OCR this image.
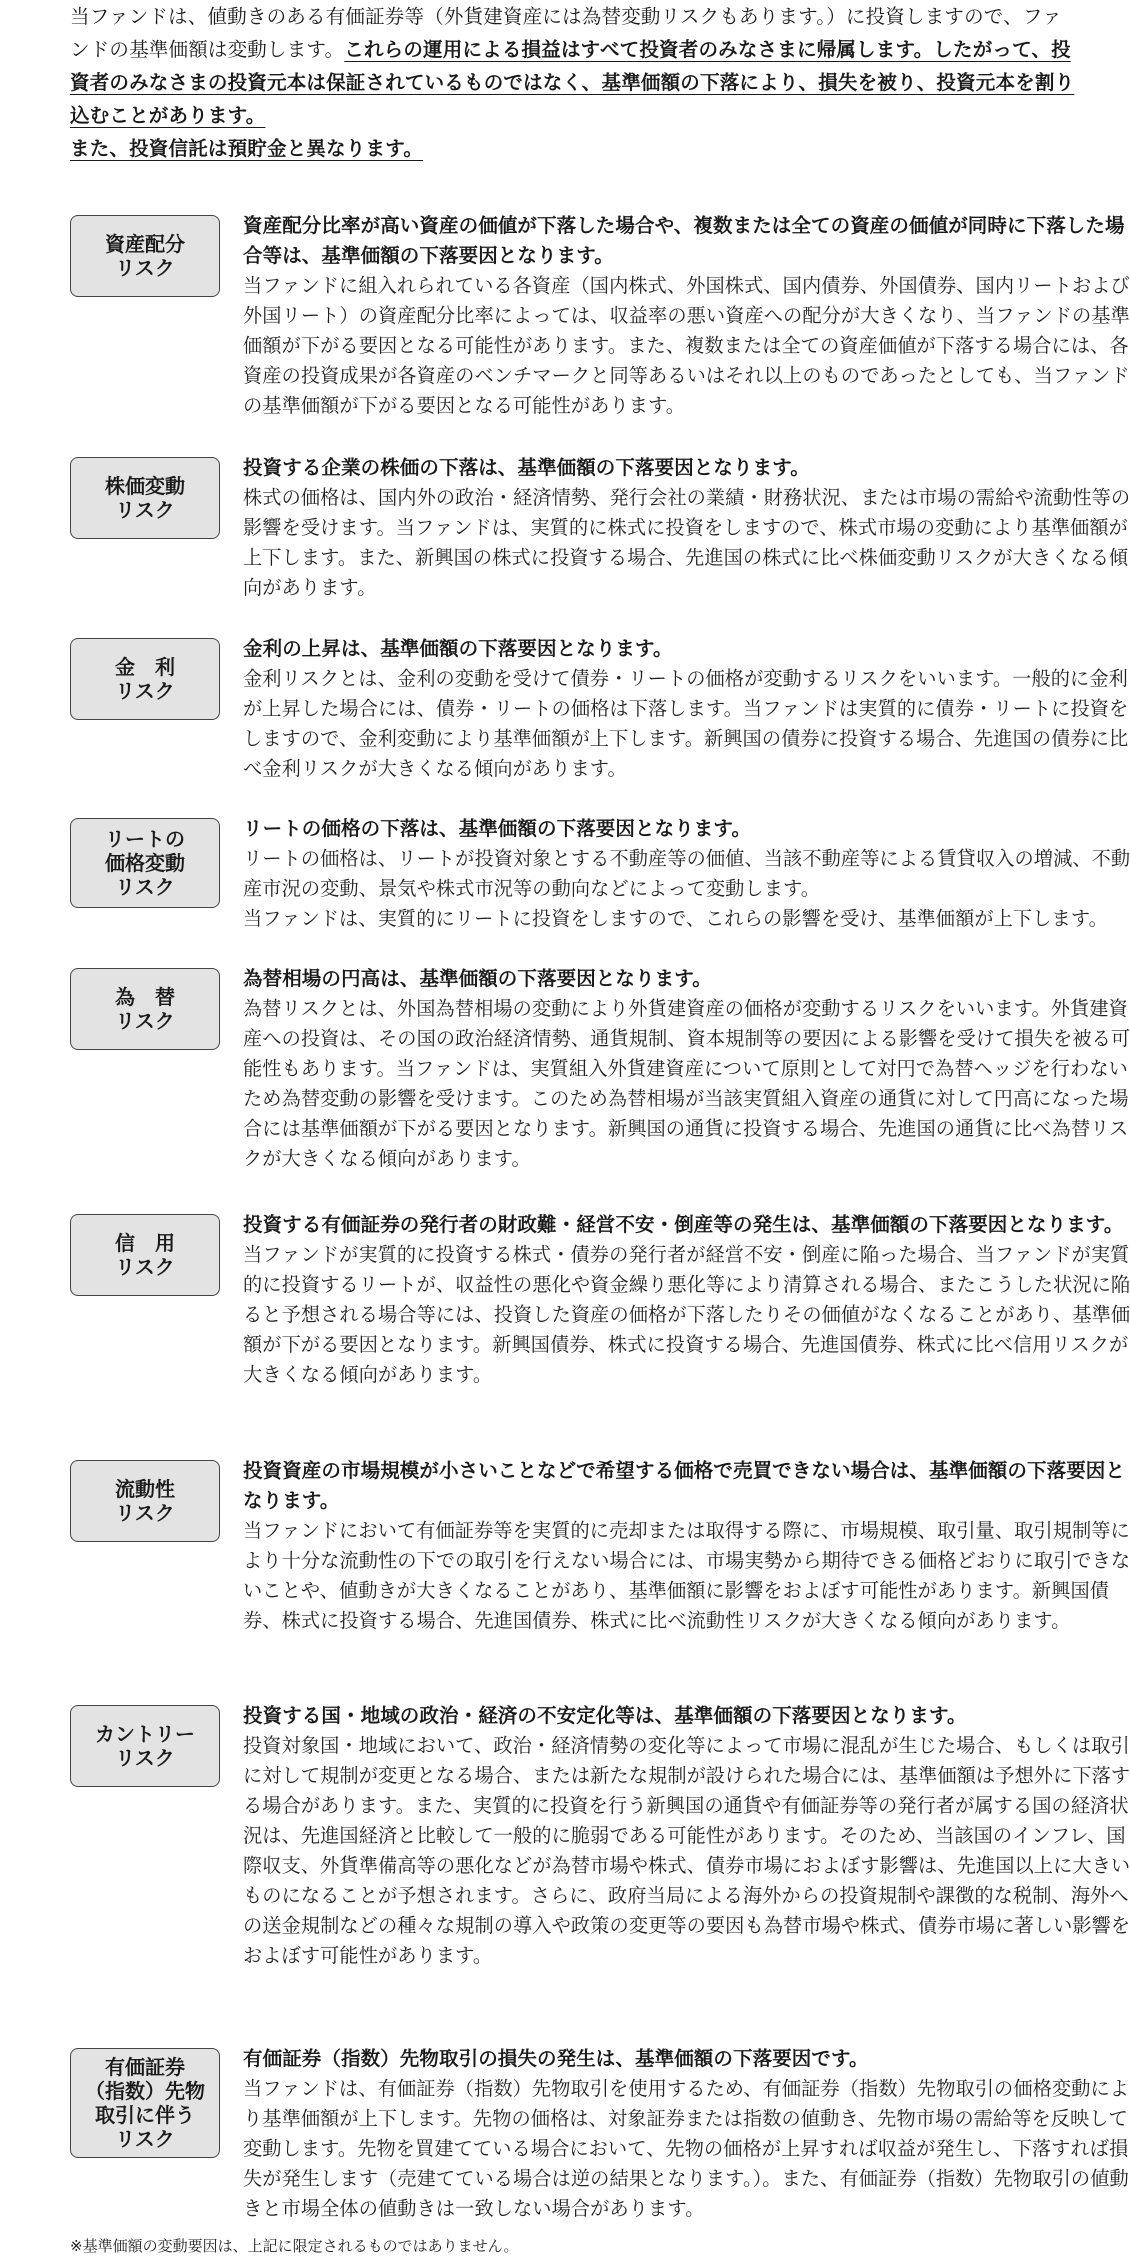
当ファンドは、値動きのある有価証券等（外貨建資産には為替変動リスクもあります。）に投資しますので、ファンドの基準価額は変動します。これらの運用による損益はすべて投資者のみなさまに帰属します。したがって、投資者のみなさまの投資元本は保証されているものではなく、基準価額の下落により、損失を被り、投資元本を割り込むことがあります。

また、投資信託は預貯金と異なります。

資産配分
リスク

資産配分比率が高い資産の価値が下落した場合や、複数または全ての資産の価値が同時に下落した場合等は、基準価額の下落要因となります。

当ファンドに組入れられている各資産（国内株式、外国株式、国内債券、外国債券、国内リートおよび外国リート）の資産配分比率によっては、収益率の悪い資産への配分が大きくなり、当ファンドの基準価額が下がる要因となる可能性があります。また、複数または全ての資産価値が下落する場合には、各資産の投資成果が各資産のベンチマークと同等あるいはそれ以上のものであったとしても、当ファンドの基準価額が下がる要因となる可能性があります。

株価変動
リスク

投資する企業の株価の下落は、基準価額の下落要因となります。

株式の価格は、国内外の政治・経済情勢、発行会社の業績・財務状況、または市場の需給や流動性等の影響を受けます。当ファンドは、実質的に株式に投資をしますので、株式市場の変動により基準価額が上下します。また、新興国の株式に投資する場合、先進国の株式に比べ株価変動リスクが大きくなる傾向があります。

金　利
リスク

金利の上昇は、基準価額の下落要因となります。

金利リスクとは、金利の変動を受けて債券・リートの価格が変動するリスクをいいます。一般的に金利が上昇した場合には、債券・リートの価格は下落します。当ファンドは実質的に債券・リートに投資をしますので、金利変動により基準価額が上下します。新興国の債券に投資する場合、先進国の債券に比べ金利リスクが大きくなる傾向があります。

リートの
価格変動
リスク

リートの価格の下落は、基準価額の下落要因となります。

リートの価格は、リートが投資対象とする不動産等の価値、当該不動産等による賃貸収入の増減、不動産市況の変動、景気や株式市況等の動向などによって変動します。
当ファンドは、実質的にリートに投資をしますので、これらの影響を受け、基準価額が上下します。

為　替
リスク

為替相場の円高は、基準価額の下落要因となります。

為替リスクとは、外国為替相場の変動により外貨建資産の価格が変動するリスクをいいます。外貨建資産への投資は、その国の政治経済情勢、通貨規制、資本規制等の要因による影響を受けて損失を被る可能性もあります。当ファンドは、実質組入外貨建資産について原則として対円で為替ヘッジを行わないため為替変動の影響を受けます。このため為替相場が当該実質組入資産の通貨に対して円高になった場合には基準価額が下がる要因となります。新興国の通貨に投資する場合、先進国の通貨に比べ為替リスクが大きくなる傾向があります。

信　用
リスク

投資する有価証券の発行者の財政難・経営不安・倒産等の発生は、基準価額の下落要因となります。

当ファンドが実質的に投資する株式・債券の発行者が経営不安・倒産に陥った場合、当ファンドが実質的に投資するリートが、収益性の悪化や資金繰り悪化等により清算される場合、またこうした状況に陥ると予想される場合等には、投資した資産の価格が下落したりその価値がなくなることがあり、基準価額が下がる要因となります。新興国債券、株式に投資する場合、先進国債券、株式に比べ信用リスクが大きくなる傾向があります。

流動性
リスク

投資資産の市場規模が小さいことなどで希望する価格で売買できない場合は、基準価額の下落要因となります。

当ファンドにおいて有価証券等を実質的に売却または取得する際に、市場規模、取引量、取引規制等により十分な流動性の下での取引を行えない場合には、市場実勢から期待できる価格どおりに取引できないことや、値動きが大きくなることがあり、基準価額に影響をおよぼす可能性があります。新興国債券、株式に投資する場合、先進国債券、株式に比べ流動性リスクが大きくなる傾向があります。

カントリー
リスク

投資する国・地域の政治・経済の不安定化等は、基準価額の下落要因となります。

投資対象国・地域において、政治・経済情勢の変化等によって市場に混乱が生じた場合、もしくは取引に対して規制が変更となる場合、または新たな規制が設けられた場合には、基準価額は予想外に下落する場合があります。また、実質的に投資を行う新興国の通貨や有価証券等の発行者が属する国の経済状況は、先進国経済と比較して一般的に脆弱である可能性があります。そのため、当該国のインフレ、国際収支、外貨準備高等の悪化などが為替市場や株式、債券市場におよぼす影響は、先進国以上に大きいものになることが予想されます。さらに、政府当局による海外からの投資規制や課徴的な税制、海外への送金規制などの種々な規制の導入や政策の変更等の要因も為替市場や株式、債券市場に著しい影響をおよぼす可能性があります。

有価証券
（指数）先物
取引に伴う
リスク

有価証券（指数）先物取引の損失の発生は、基準価額の下落要因です。

当ファンドは、有価証券（指数）先物取引を使用するため、有価証券（指数）先物取引の価格変動により基準価額が上下します。先物の価格は、対象証券または指数の値動き、先物市場の需給等を反映して変動します。先物を買建てている場合において、先物の価格が上昇すれば収益が発生し、下落すれば損失が発生します（売建てている場合は逆の結果となります。）。また、有価証券（指数）先物取引の値動きと市場全体の値動きは一致しない場合があります。

※基準価額の変動要因は、上記に限定されるものではありません。
